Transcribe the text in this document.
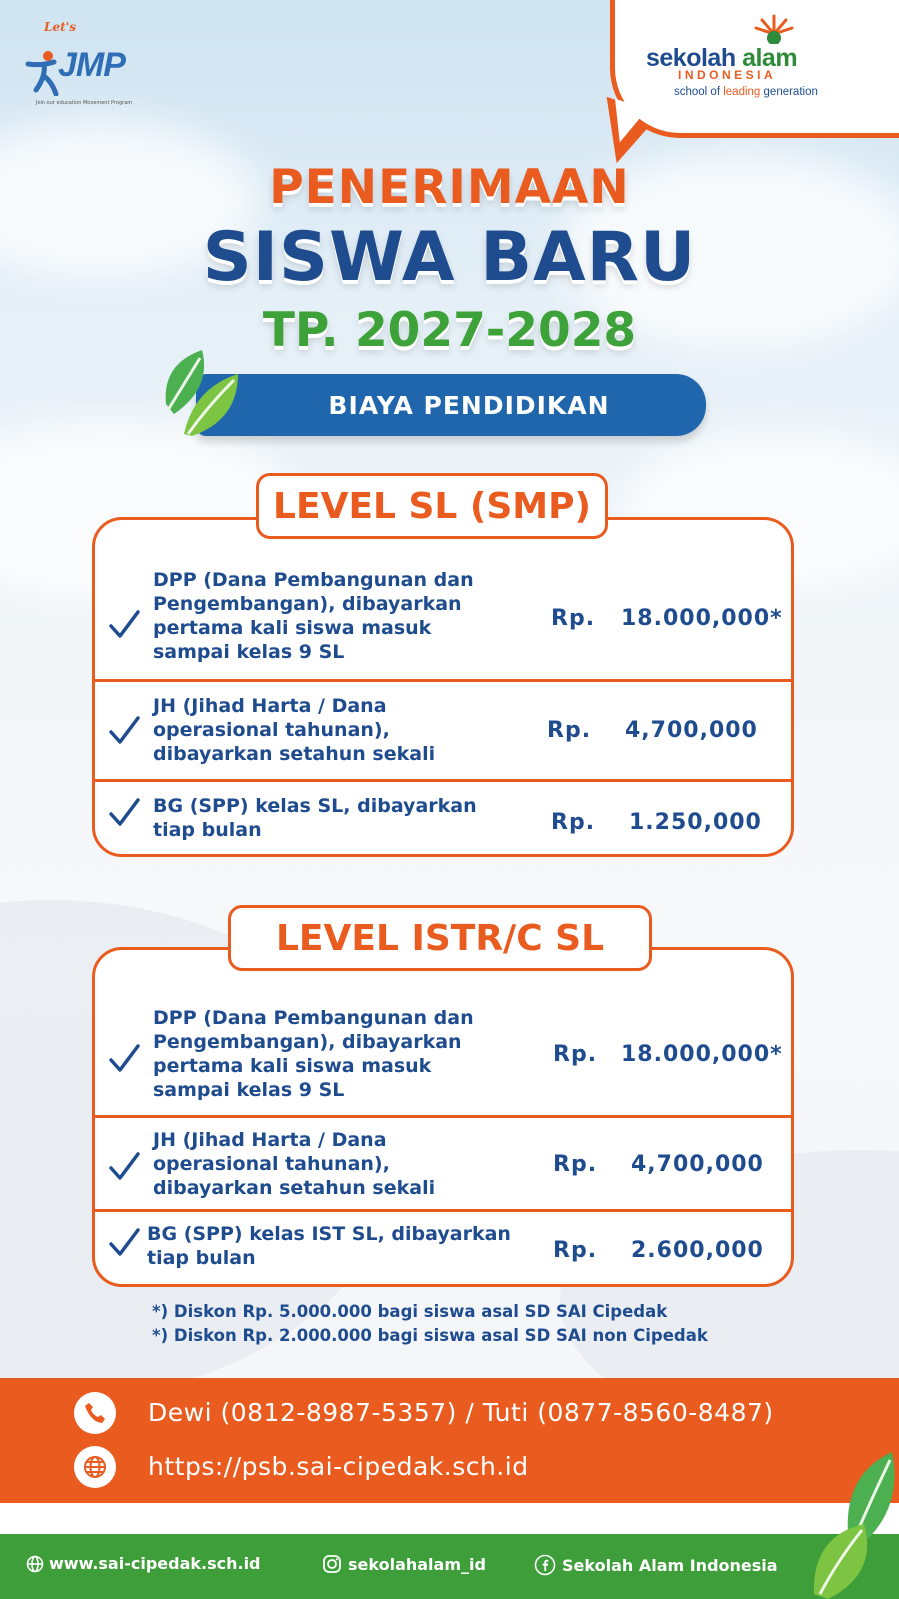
Let's
JMP
Join our education Movement Program
sekolah alam
INDONESIA
school of leading generation
PENERIMAAN
SISWA BARU
TP. 2027-2028
BIAYA PENDIDIKAN
LEVEL SL (SMP)
DPP (Dana Pembangunan dan
Pengembangan), dibayarkan
pertama kali siswa masuk
sampai kelas 9 SL
Rp. 18.000,000*
JH (Jihad Harta / Dana
operasional tahunan),
dibayarkan setahun sekali
Rp. 4,700,000
BG (SPP) kelas SL, dibayarkan
tiap bulan	Rp. 1.250,000
LEVEL ISTR/C SL
DPP (Dana Pembangunan dan
Pengembangan), dibayarkan
pertama kali siswa masuk
sampai kelas 9 SL
Rp. 18.000,000*
JH (Jihad Harta / Dana
operasional tahunan),
dibayarkan setahun sekali
Rp. 4,700,000
BG (SPP) kelas IST SL, dibayarkan
tiap bulan	Rp. 2.600,000
*) Diskon Rp. 5.000.000 bagi siswa asal SD SAI Cipedak
*) Diskon Rp. 2.000.000 bagi siswa asal SD SAI non Cipedak
Dewi (0812-8987-5357) / Tuti (0877-8560-8487)
https://psb.sai-cipedak.sch.id
www.sai-cipedak.sch.id	sekolahalam_id	Sekolah Alam Indonesia
